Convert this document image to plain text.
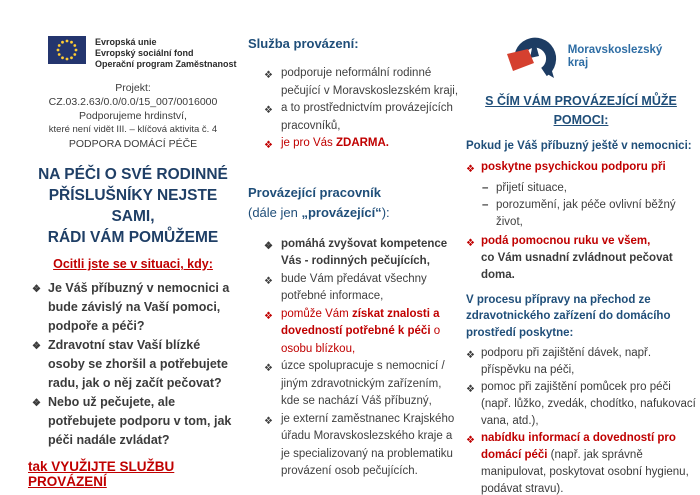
Evropská unie
Evropský sociální fond
Operační program Zaměstnanost
Projekt:
CZ.03.2.63/0.0/0.0/15_007/0016000
Podporujeme hrdinství,
které není vidět III. – klíčová aktivita č. 4
PODPORA DOMÁCÍ PÉČE
NA PÉČI O SVÉ RODINNÉ
PŘÍSLUŠNÍKY NEJSTE SAMI,
RÁDI VÁM POMŮŽEME
Ocitli jste se v situaci, kdy:
❖ Je Váš příbuzný v nemocnici a bude závislý na Vaší pomoci, podpoře a péči?
❖ Zdravotní stav Vaší blízké osoby se zhoršil a potřebujete radu, jak o něj začít pečovat?
❖ Nebo už pečujete, ale potřebujete podporu v tom, jak péči nadále zvládat?
tak VYUŽIJTE SLUŽBU PROVÁZENÍ
Služba provázení:
❖ podporuje neformální rodinné pečující v Moravskoslezském kraji,
❖ a to prostřednictvím provázejících pracovníků,
❖ je pro Vás ZDARMA.
Provázející pracovník
(dále jen „provázející“):
❖ pomáhá zvyšovat kompetence Vás - rodinných pečujících,
❖ bude Vám předávat všechny potřebné informace,
❖ pomůže Vám získat znalosti a dovedností potřebné k péči o osobu blízkou,
❖ úzce spolupracuje s nemocnicí / jiným zdravotnickým zařízením, kde se nachází Váš příbuzný,
❖ je externí zaměstnanec Krajského úřadu Moravskoslezského kraje a je specializovaný na problematiku provázení osob pečujících.
Moravskoslezský
kraj
S ČÍM VÁM PROVÁZEJÍCÍ MŮŽE
POMOCI:
Pokud je Váš příbuzný ještě v nemocnici:
❖ poskytne psychickou podporu při
– přijetí situace,
– porozumění, jak péče ovlivní běžný život,
❖ podá pomocnou ruku ve všem,
co Vám usnadní zvládnout pečovat doma.
V procesu přípravy na přechod ze zdravotnického zařízení do domácího prostředí poskytne:
❖ podporu při zajištění dávek, např. příspěvku na péči,
❖ pomoc při zajištění pomůcek pro péči (např. lůžko, zvedák, chodítko, nafukovací vana, atd.),
❖ nabídku informací a dovedností pro domácí péči (např. jak správně manipulovat, poskytovat osobní hygienu, podávat stravu).
